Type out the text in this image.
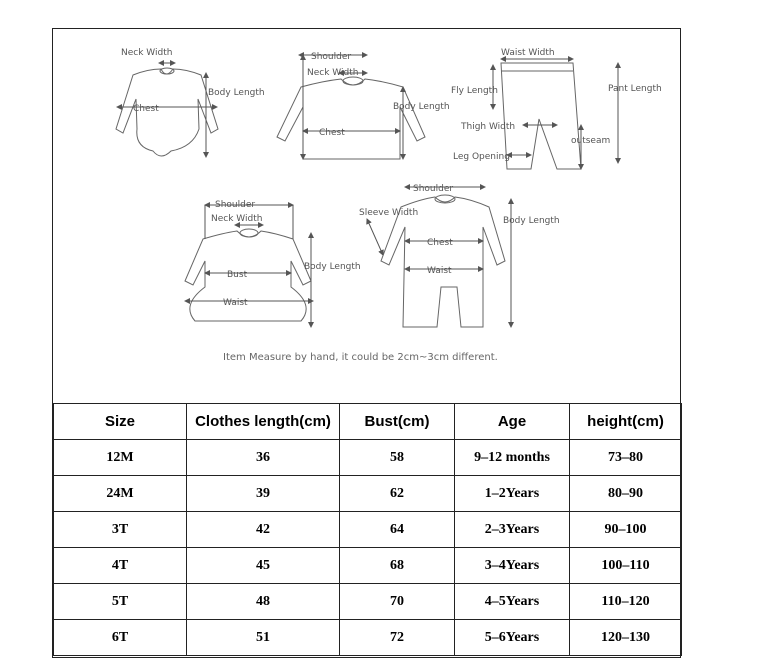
Neck Width
Chest
Body Length
Shoulder
Neck Width
Chest
Body Length
Waist Width
Fly Length	Pant Length
Thigh Width
outseam
Leg Opening
Shoulder
Neck Width
Bust
Waist
Body Length
Shoulder
Sleeve Width
Chest
Waist
Body Length
Item Measure by hand, it could be 2cm~3cm different.
Size	Clothes length(cm)	Bust(cm)	Age	height(cm)
12M	36	58	9–12 months	73–80
24M	39	62	1–2Years	80–90
3T	42	64	2–3Years	90–100
4T	45	68	3–4Years	100–110
5T	48	70	4–5Years	110–120
6T	51	72	5–6Years	120–130
